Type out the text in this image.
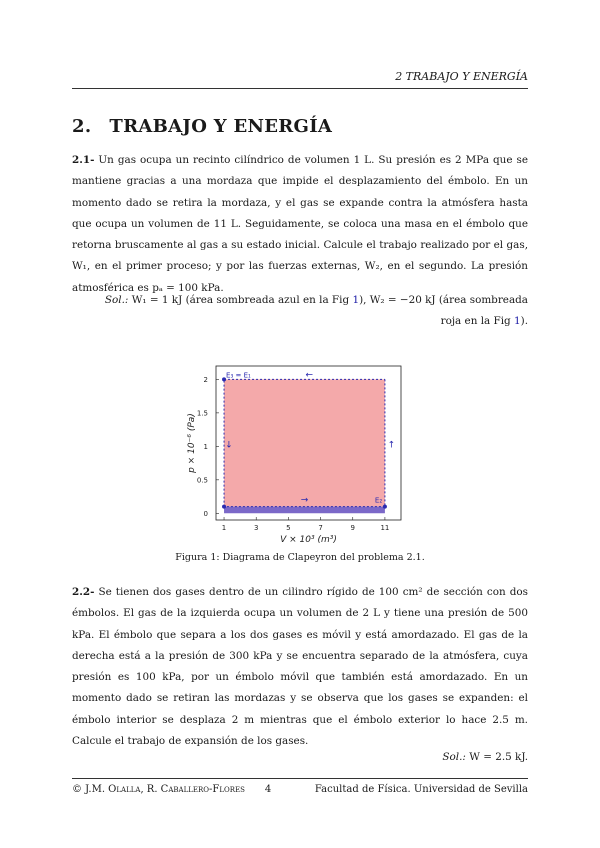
2 TRABAJO Y ENERGÍA
2. TRABAJO Y ENERGÍA
2.1- Un gas ocupa un recinto cilíndrico de volumen 1 L. Su presión es 2 MPa que se mantiene gracias a una mordaza que impide el desplazamiento del émbolo. En un momento dado se retira la mordaza, y el gas se expande contra la atmósfera hasta que ocupa un volumen de 11 L. Seguidamente, se coloca una masa en el émbolo que retorna bruscamente al gas a su estado inicial. Calcule el trabajo realizado por el gas, W₁, en el primer proceso; y por las fuerzas externas, W₂, en el segundo. La presión atmosférica es pₐ = 100 kPa.
Sol.: W₁ = 1 kJ (área sombreada azul en la Fig 1), W₂ = −20 kJ (área sombreada roja en la Fig 1).
1	3	5	7	9	11
0
0.5
1
1.5
2
V × 10³ (m³)
p × 10⁻⁶ (Pa)
E₃ = E₁
E₂
←
→
↓	↑
Figura 1: Diagrama de Clapeyron del problema 2.1.
2.2- Se tienen dos gases dentro de un cilindro rígido de 100 cm² de sección con dos émbolos. El gas de la izquierda ocupa un volumen de 2 L y tiene una presión de 500 kPa. El émbolo que separa a los dos gases es móvil y está amordazado. El gas de la derecha está a la presión de 300 kPa y se encuentra separado de la atmósfera, cuya presión es 100 kPa, por un émbolo móvil que también está amordazado. En un momento dado se retiran las mordazas y se observa que los gases se expanden: el émbolo interior se desplaza 2 m mientras que el émbolo exterior lo hace 2.5 m. Calcule el trabajo de expansión de los gases.
Sol.: W = 2.5 kJ.
© J.M. Olalla, R. Caballero-Flores 4	Facultad de Física. Universidad de Sevilla
